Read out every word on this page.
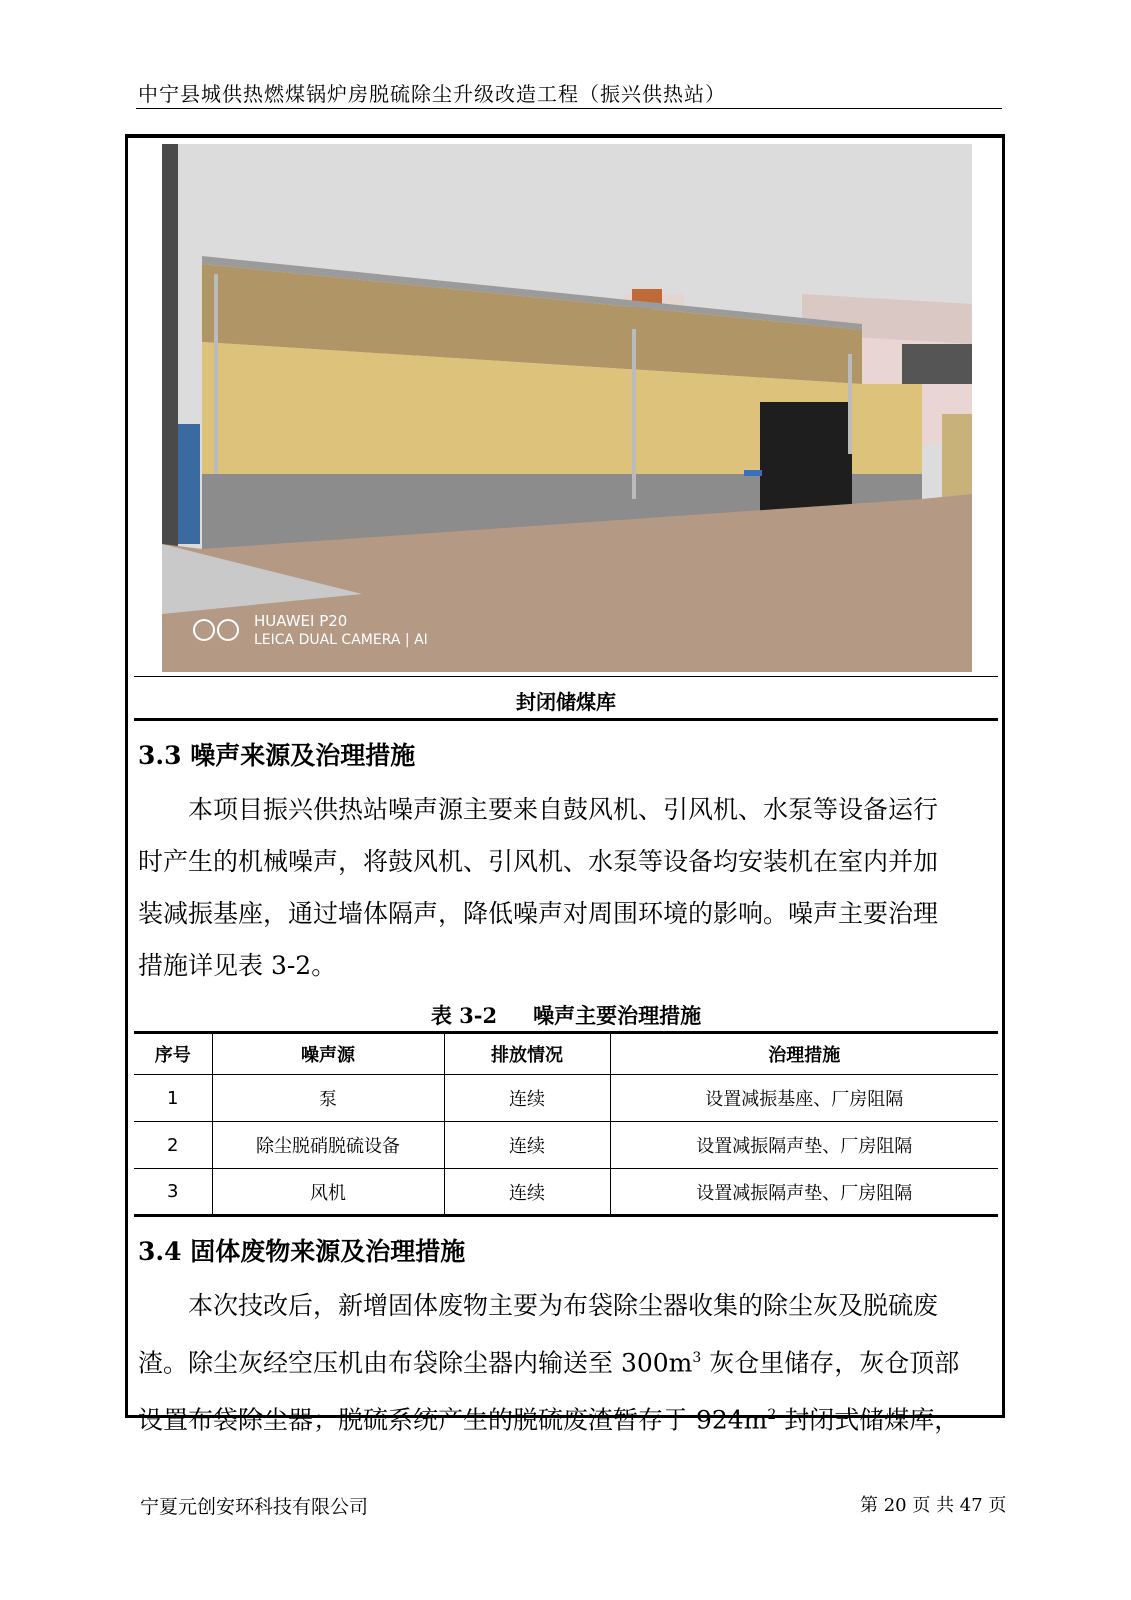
中宁县城供热燃煤锅炉房脱硫除尘升级改造工程（振兴供热站）
HUAWEI P20
LEICA DUAL CAMERA | AI
封闭储煤库
3.3 噪声来源及治理措施
本项目振兴供热站噪声源主要来自鼓风机、引风机、水泵等设备运行
时产生的机械噪声，将鼓风机、引风机、水泵等设备均安装机在室内并加
装减振基座，通过墙体隔声，降低噪声对周围环境的影响。噪声主要治理
措施详见表 3-2。
表 3-2 噪声主要治理措施
序号	噪声源	排放情况	治理措施
1	泵	连续	设置减振基座、厂房阻隔
2	除尘脱硝脱硫设备	连续	设置减振隔声垫、厂房阻隔
3	风机	连续	设置减振隔声垫、厂房阻隔
3.4 固体废物来源及治理措施
本次技改后，新增固体废物主要为布袋除尘器收集的除尘灰及脱硫废
渣。除尘灰经空压机由布袋除尘器内输送至 $300m^3$ 灰仓里储存，灰仓顶部
设置布袋除尘器；脱硫系统产生的脱硫废渣暂存于 $924m^2$ 封闭式储煤库，
宁夏元创安环科技有限公司	第 20 页 共 47 页
